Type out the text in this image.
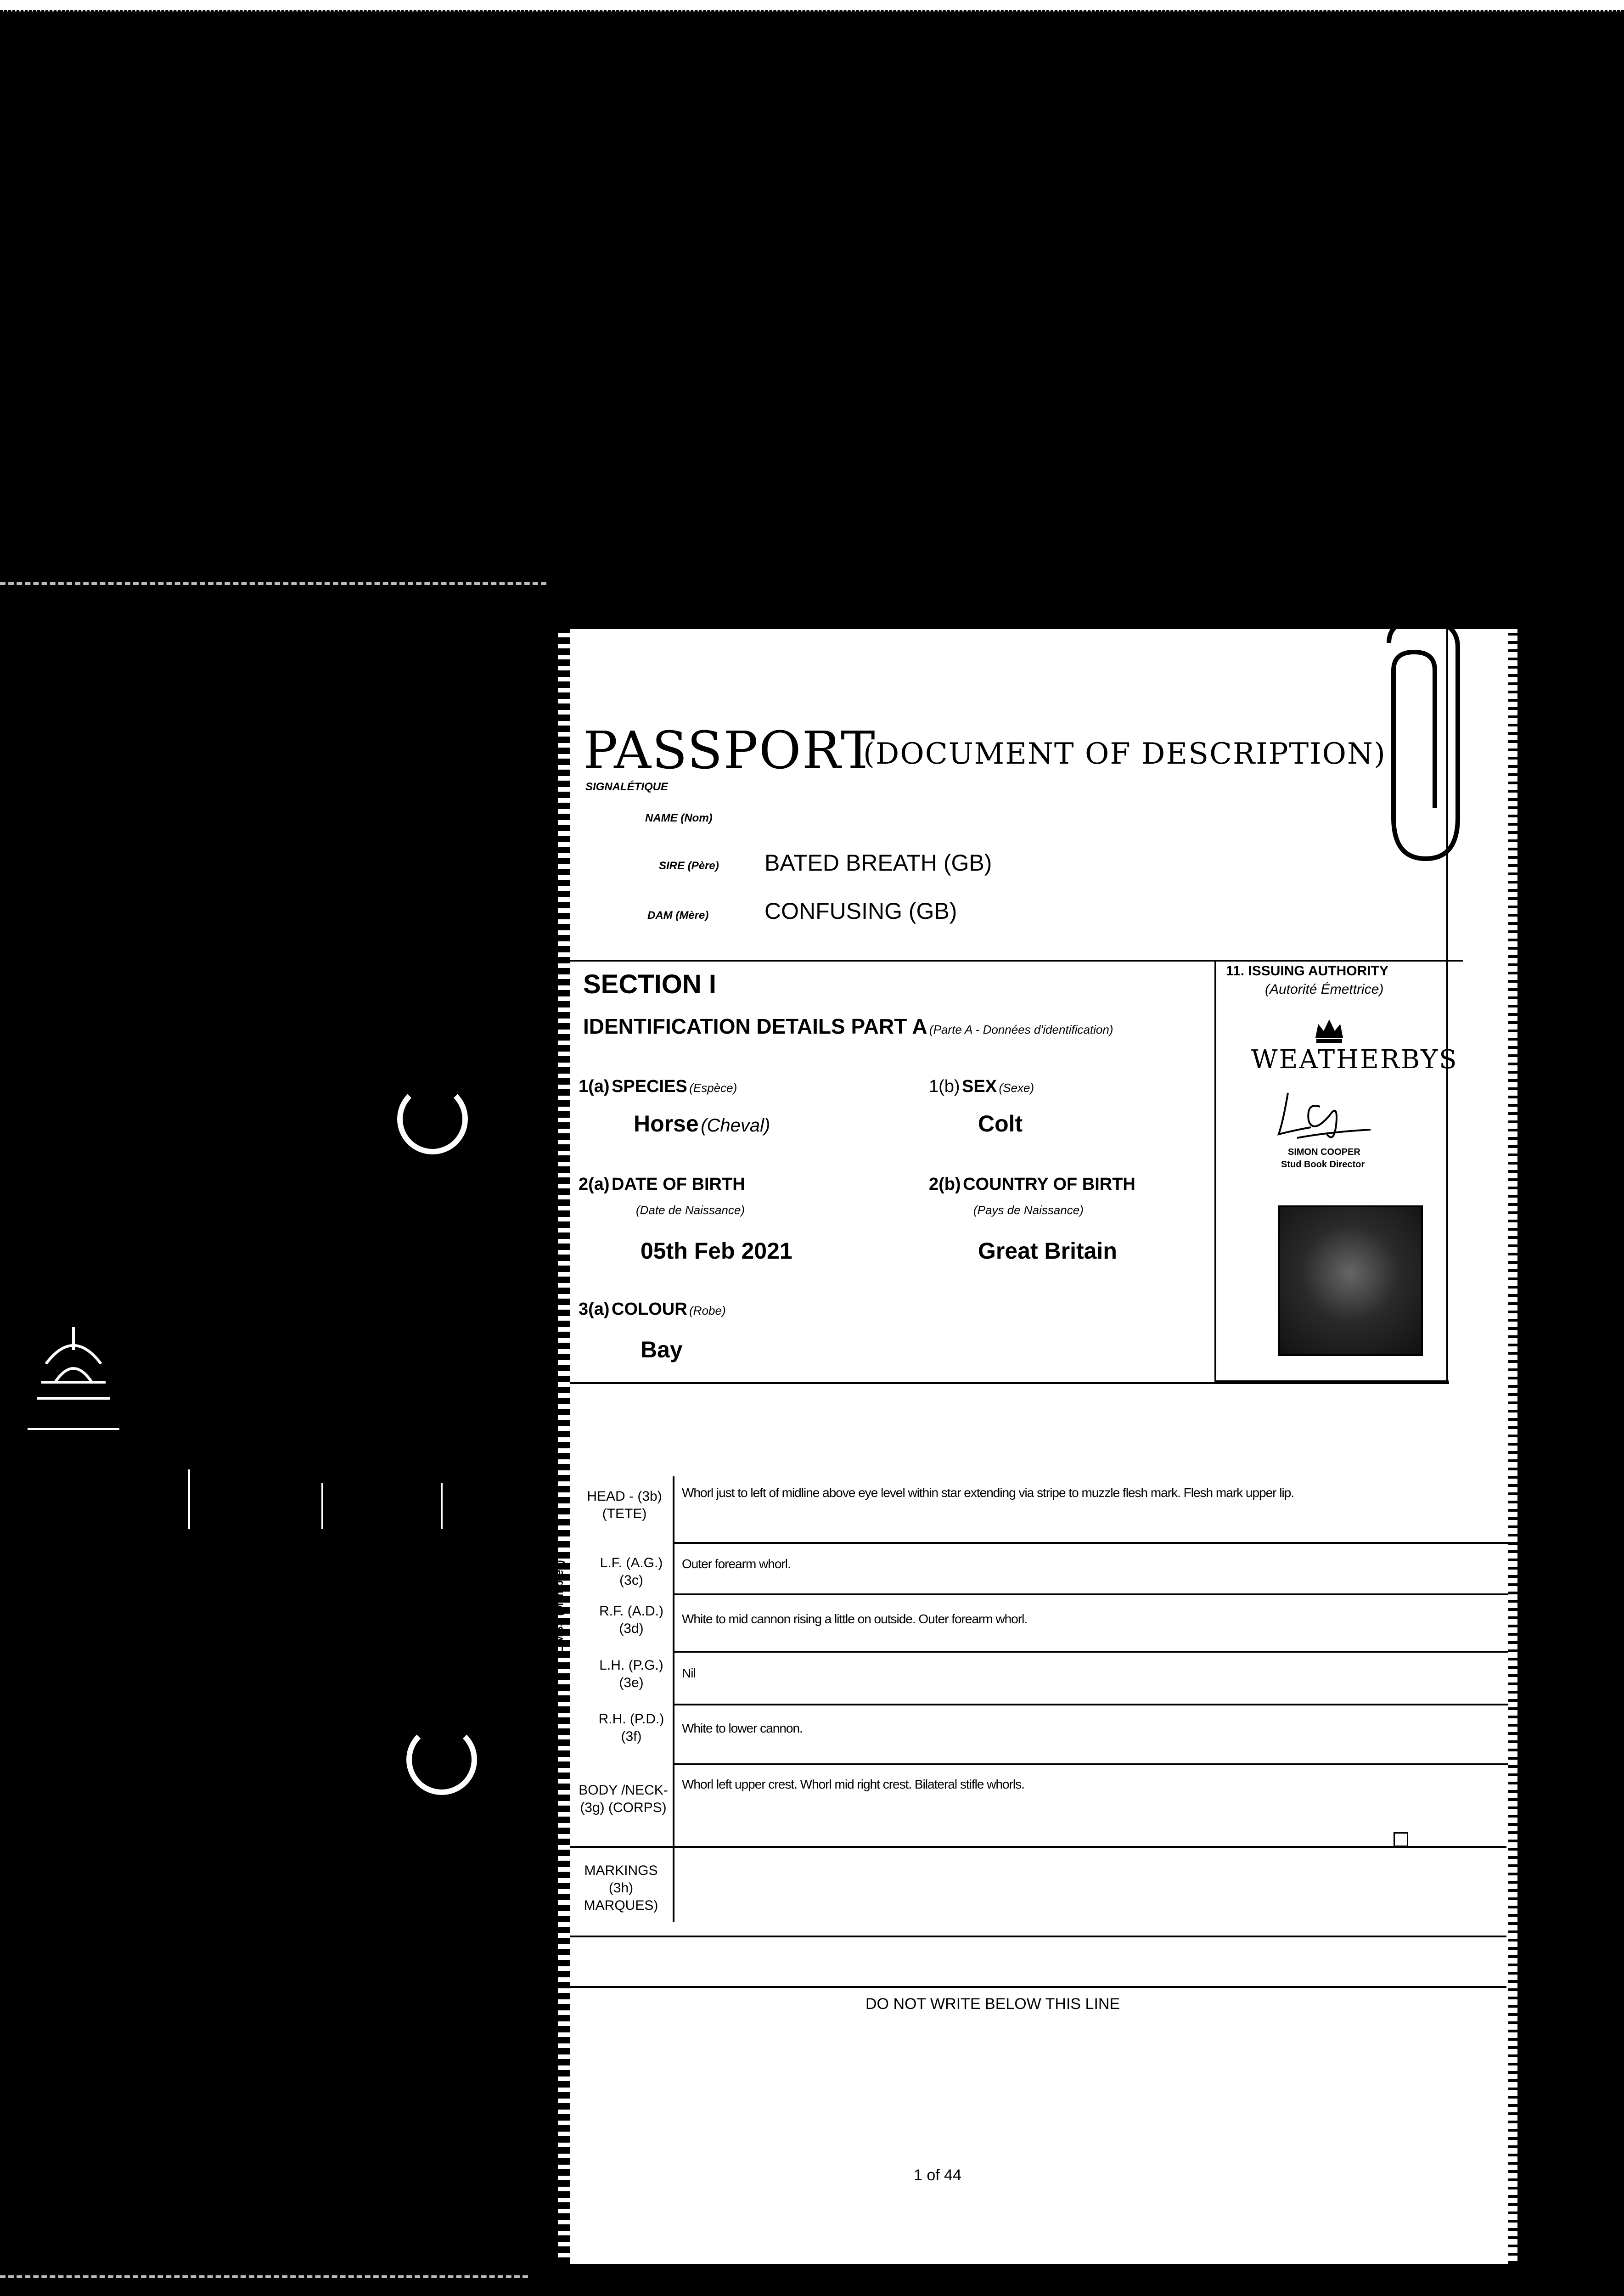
PASSPORT
(DOCUMENT OF DESCRIPTION)
SIGNALÉTIQUE
NAME (Nom)
SIRE (Père) BATED BREATH (GB)
DAM (Mère) CONFUSING (GB)
SECTION I
IDENTIFICATION DETAILS PART A (Parte A - Données d'identification)
1(a) SPECIES (Espèce)
Horse (Cheval)
1(b) SEX (Sexe)
Colt
2(a) DATE OF BIRTH
(Date de Naissance)
05th Feb 2021
2(b) COUNTRY OF BIRTH
(Pays de Naissance)
Great Britain
3(a) COLOUR (Robe)
Bay
11. ISSUING AUTHORITY
(Autorité Émettrice)
WEATHERBYS
SIMON COOPER
Stud Book Director
LIMBS (Membres)
HEAD - (3b)
(TETE)
Whorl just to left of midline above eye level within star extending via stripe to muzzle flesh mark. Flesh mark upper lip.
L.F. (A.G.)
(3c)
Outer forearm whorl.
R.F. (A.D.)
(3d)
White to mid cannon rising a little on outside. Outer forearm whorl.
L.H. (P.G.)
(3e)
Nil
R.H. (P.D.)
(3f)
White to lower cannon.
BODY /NECK-
(3g) (CORPS)
Whorl left upper crest. Whorl mid right crest. Bilateral stifle whorls.
MARKINGS (3h)
MARQUES)
DO NOT WRITE BELOW THIS LINE
1 of 44
